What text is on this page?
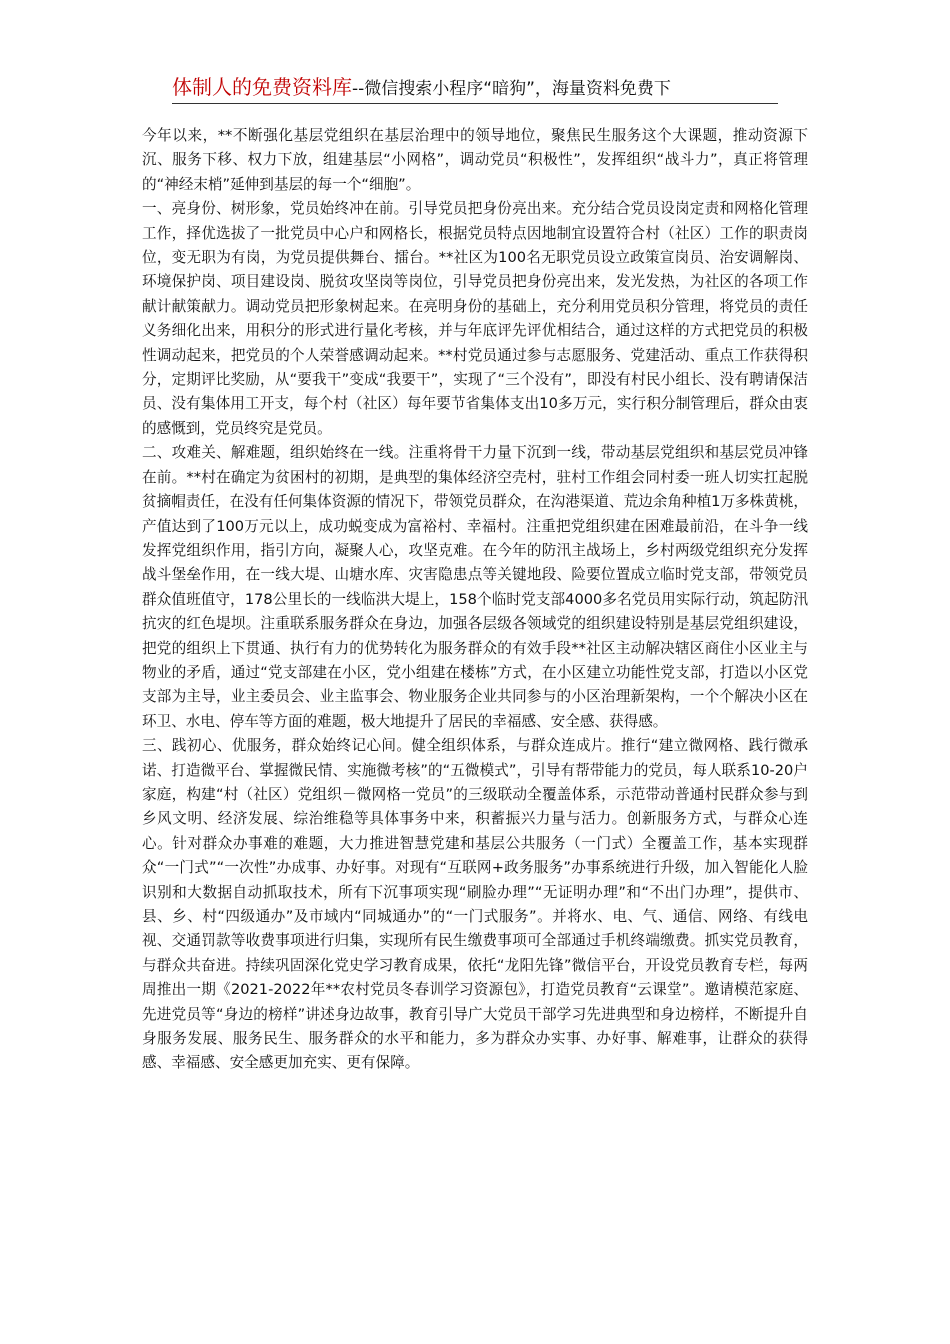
体制人的免费资料库--微信搜索小程序“暗狗”，海量资料免费下

今年以来，**不断强化基层党组织在基层治理中的领导地位，聚焦民生服务这个大课题，推动资源下沉、服务下移、权力下放，组建基层“小网格”，调动党员“积极性”，发挥组织“战斗力”，真正将管理的“神经末梢”延伸到基层的每一个“细胞”。

一、亮身份、树形象，党员始终冲在前。引导党员把身份亮出来。充分结合党员设岗定责和网格化管理工作，择优选拔了一批党员中心户和网格长，根据党员特点因地制宜设置符合村（社区）工作的职责岗位，变无职为有岗，为党员提供舞台、擂台。**社区为100名无职党员设立政策宣岗员、治安调解岗、环境保护岗、项目建设岗、脱贫攻坚岗等岗位，引导党员把身份亮出来，发光发热，为社区的各项工作献计献策献力。调动党员把形象树起来。在亮明身份的基础上，充分利用党员积分管理，将党员的责任义务细化出来，用积分的形式进行量化考核，并与年底评先评优相结合，通过这样的方式把党员的积极性调动起来，把党员的个人荣誉感调动起来。**村党员通过参与志愿服务、党建活动、重点工作获得积分，定期评比奖励，从“要我干”变成“我要干”，实现了“三个没有”，即没有村民小组长、没有聘请保洁员、没有集体用工开支，每个村（社区）每年要节省集体支出10多万元，实行积分制管理后，群众由衷的感慨到，党员终究是党员。

二、攻难关、解难题，组织始终在一线。注重将骨干力量下沉到一线，带动基层党组织和基层党员冲锋在前。**村在确定为贫困村的初期，是典型的集体经济空壳村，驻村工作组会同村委一班人切实扛起脱贫摘帽责任，在没有任何集体资源的情况下，带领党员群众，在沟港渠道、荒边余角种植1万多株黄桃，产值达到了100万元以上，成功蜕变成为富裕村、幸福村。注重把党组织建在困难最前沿，在斗争一线发挥党组织作用，指引方向，凝聚人心，攻坚克难。在今年的防汛主战场上，乡村两级党组织充分发挥战斗堡垒作用，在一线大堤、山塘水库、灾害隐患点等关键地段、险要位置成立临时党支部，带领党员群众值班值守，178公里长的一线临洪大堤上，158个临时党支部4000多名党员用实际行动，筑起防汛抗灾的红色堤坝。注重联系服务群众在身边，加强各层级各领域党的组织建设特别是基层党组织建设，把党的组织上下贯通、执行有力的优势转化为服务群众的有效手段**社区主动解决辖区商住小区业主与物业的矛盾，通过“党支部建在小区，党小组建在楼栋”方式，在小区建立功能性党支部，打造以小区党支部为主导，业主委员会、业主监事会、物业服务企业共同参与的小区治理新架构，一个个解决小区在环卫、水电、停车等方面的难题，极大地提升了居民的幸福感、安全感、获得感。

三、践初心、优服务，群众始终记心间。健全组织体系，与群众连成片。推行“建立微网格、践行微承诺、打造微平台、掌握微民情、实施微考核”的“五微模式”，引导有帮带能力的党员，每人联系10-20户家庭，构建“村（社区）党组织－微网格一党员”的三级联动全覆盖体系，示范带动普通村民群众参与到乡风文明、经济发展、综治维稳等具体事务中来，积蓄振兴力量与活力。创新服务方式，与群众心连心。针对群众办事难的难题，大力推进智慧党建和基层公共服务（一门式）全覆盖工作，基本实现群众“一门式”“一次性”办成事、办好事。对现有“互联网+政务服务”办事系统进行升级，加入智能化人脸识别和大数据自动抓取技术，所有下沉事项实现“刷脸办理”“无证明办理”和“不出门办理”，提供市、县、乡、村“四级通办”及市域内“同城通办”的“一门式服务”。并将水、电、气、通信、网络、有线电视、交通罚款等收费事项进行归集，实现所有民生缴费事项可全部通过手机终端缴费。抓实党员教育，与群众共奋进。持续巩固深化党史学习教育成果，依托“龙阳先锋”微信平台，开设党员教育专栏，每两周推出一期《2021-2022年**农村党员冬春训学习资源包》，打造党员教育“云课堂”。邀请模范家庭、先进党员等“身边的榜样”讲述身边故事，教育引导广大党员干部学习先进典型和身边榜样，不断提升自身服务发展、服务民生、服务群众的水平和能力，多为群众办实事、办好事、解难事，让群众的获得感、幸福感、安全感更加充实、更有保障。
